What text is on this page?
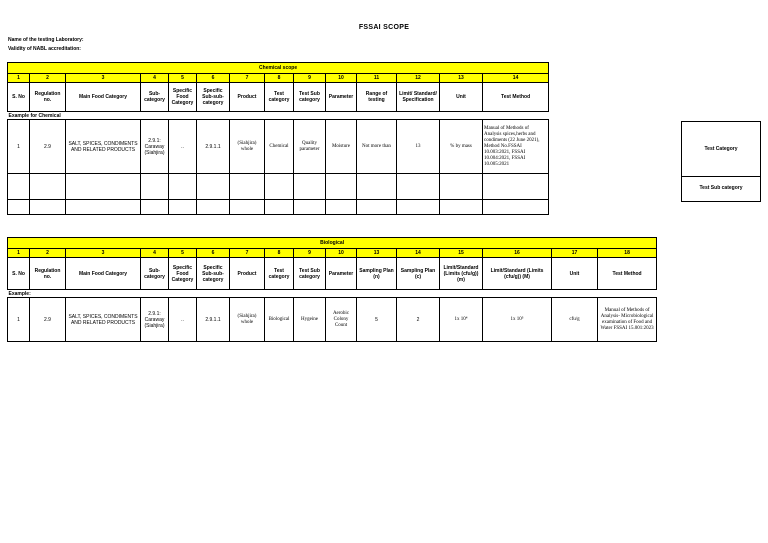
FSSAI SCOPE
Name of the testing Laboratory:
Validity of NABL accreditation:
Chemical scope													
1	2	3	4	5	6	7	8	9	10	11	12	13	14
S. No	Regulation no.	Main Food Category	Sub-category	Specific Food Category	Specific Sub-sub-category	Product	Test category	Test Sub category	Parameter	Range of testing	Limit/ Standard/ Specification	Unit	Test Method
Example for Chemical													
1	2.9	SALT, SPICES, CONDIMENTS AND RELATED PRODUCTS	2.9.1: Caraway (Siahjira)	..	2.9.1.1	(Siahjira) whole	Chemical	Quality parameter	Moisture	Not more than	13	% by mass	Manual of Methods of Analysis spices,herbs and condiments (22 June 2021), Method No.FSSAI 10.003:2021, FSSAI 10.004:2021, FSSAI 10.005:2021

Test Category
Test Sub category
Biological															
1	2	3	4	5	6	7	8	9	10	13	14	15	16	17	18
S. No	Regulation no.	Main Food Category	Sub-category	Specific Food Category	Specific Sub-sub-category	Product	Test category	Test Sub category	Parameter	Sampling Plan (n)	Sampling Plan (c)	Limit/Standard (Limits (cfu/g)) (m)	Limit/Standard (Limits (cfu/g)) (M)	Unit	Test Method
Example:															
1	2.9	SALT, SPICES, CONDIMENTS AND RELATED PRODUCTS	2.9.1: Caraway (Siahjira)	..	2.9.1.1	(Siahjira) whole	Biological	Hygeine	Aerobic Colony Count	5	2	1x 10⁴	1x 10⁵	cfu/g	Manual of Methods of Analysis- Microbiological examination of Food and Water FSSAI 15.001:2023
